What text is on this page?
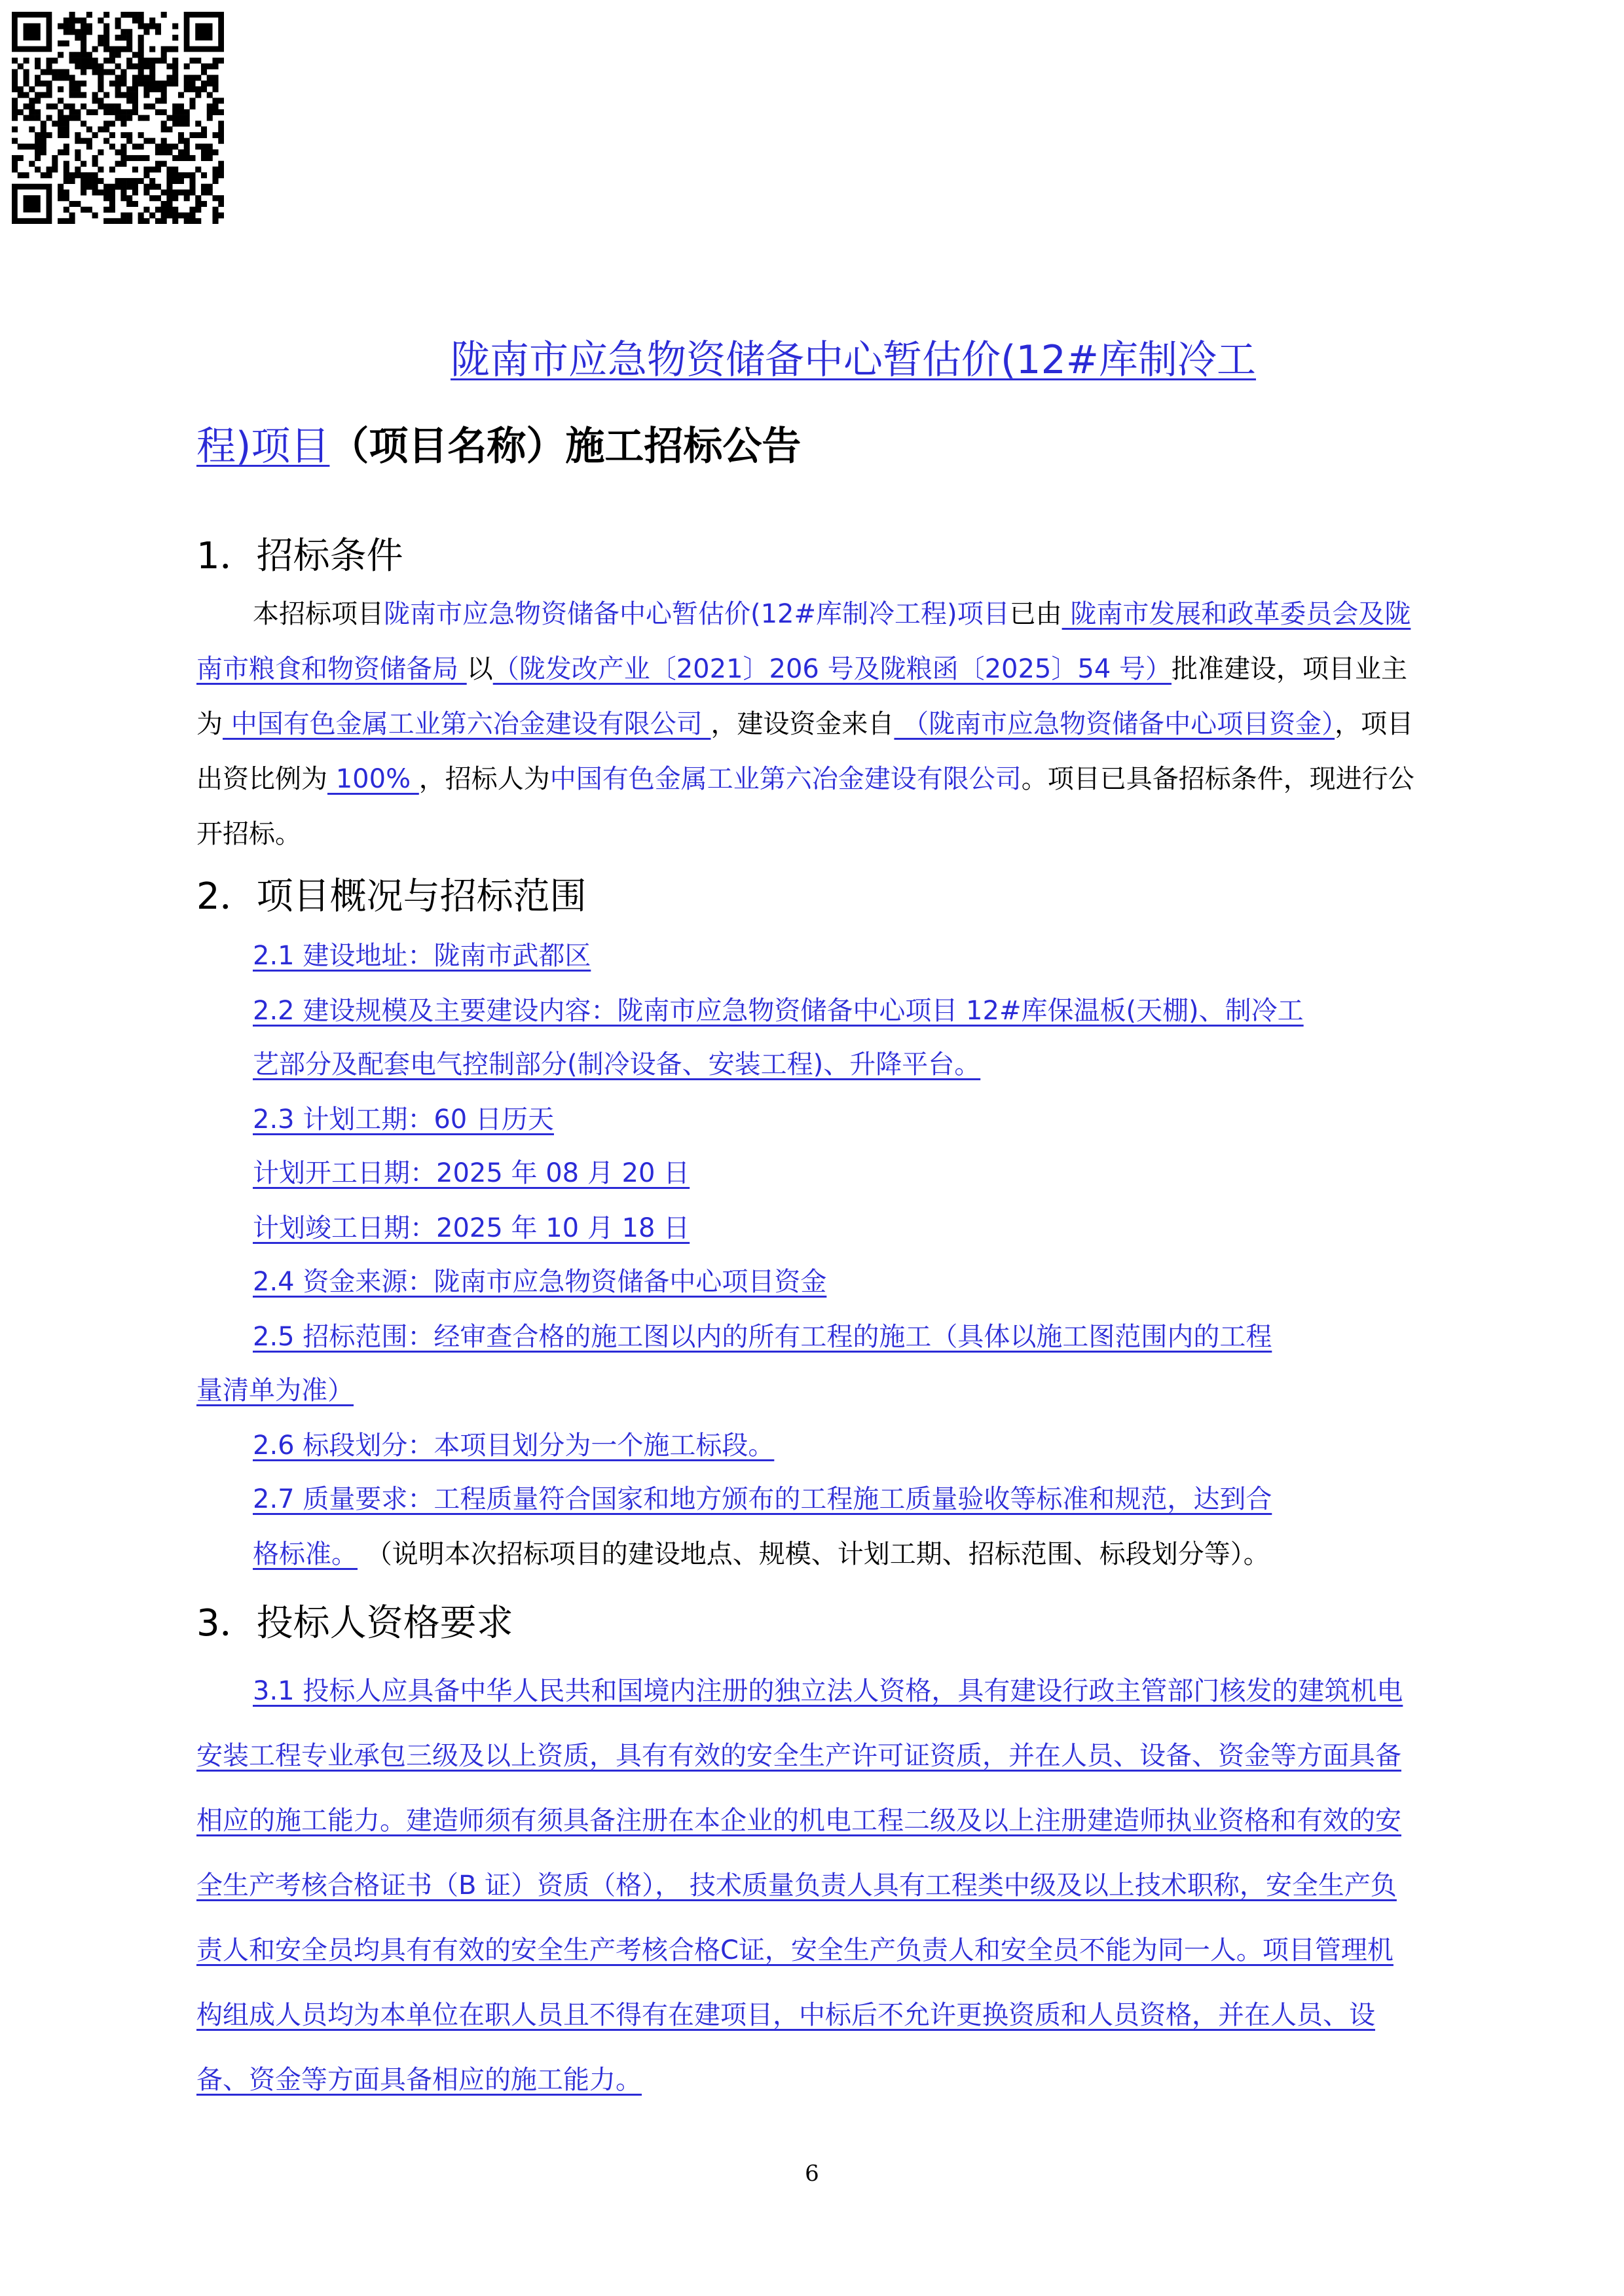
陇南市应急物资储备中心暂估价(12#库制冷工
程)项目（项目名称）施工招标公告
1．招标条件
本招标项目陇南市应急物资储备中心暂估价(12#库制冷工程)项目已由 陇南市发展和政革委员会及陇南市粮食和物资储备局 以（陇发改产业〔2021〕206 号及陇粮函〔2025〕54 号）批准建设，项目业主为 中国有色金属工业第六冶金建设有限公司 ，建设资金来自 （陇南市应急物资储备中心项目资金），项目出资比例为 100% ，招标人为中国有色金属工业第六冶金建设有限公司。项目已具备招标条件，现进行公开招标。
2．项目概况与招标范围
2.1 建设地址：陇南市武都区
2.2 建设规模及主要建设内容：陇南市应急物资储备中心项目 12#库保温板(天棚)、制冷工
艺部分及配套电气控制部分(制冷设备、安装工程)、升降平台。
2.3 计划工期：60 日历天
计划开工日期：2025 年 08 月 20 日
计划竣工日期：2025 年 10 月 18 日
2.4 资金来源：陇南市应急物资储备中心项目资金
2.5 招标范围：经审查合格的施工图以内的所有工程的施工（具体以施工图范围内的工程
量清单为准）
2.6 标段划分：本项目划分为一个施工标段。
2.7 质量要求：工程质量符合国家和地方颁布的工程施工质量验收等标准和规范，达到合
格标准。 （说明本次招标项目的建设地点、规模、计划工期、招标范围、标段划分等）。
3．投标人资格要求
3.1 投标人应具备中华人民共和国境内注册的独立法人资格，具有建设行政主管部门核发的建筑机电安装工程专业承包三级及以上资质，具有有效的安全生产许可证资质，并在人员、设备、资金等方面具备相应的施工能力。建造师须有须具备注册在本企业的机电工程二级及以上注册建造师执业资格和有效的安全生产考核合格证书（B 证）资质（格）， 技术质量负责人具有工程类中级及以上技术职称，安全生产负责人和安全员均具有有效的安全生产考核合格C证，安全生产负责人和安全员不能为同一人。项目管理机构组成人员均为本单位在职人员且不得有在建项目，中标后不允许更换资质和人员资格，并在人员、设备、资金等方面具备相应的施工能力。
6
